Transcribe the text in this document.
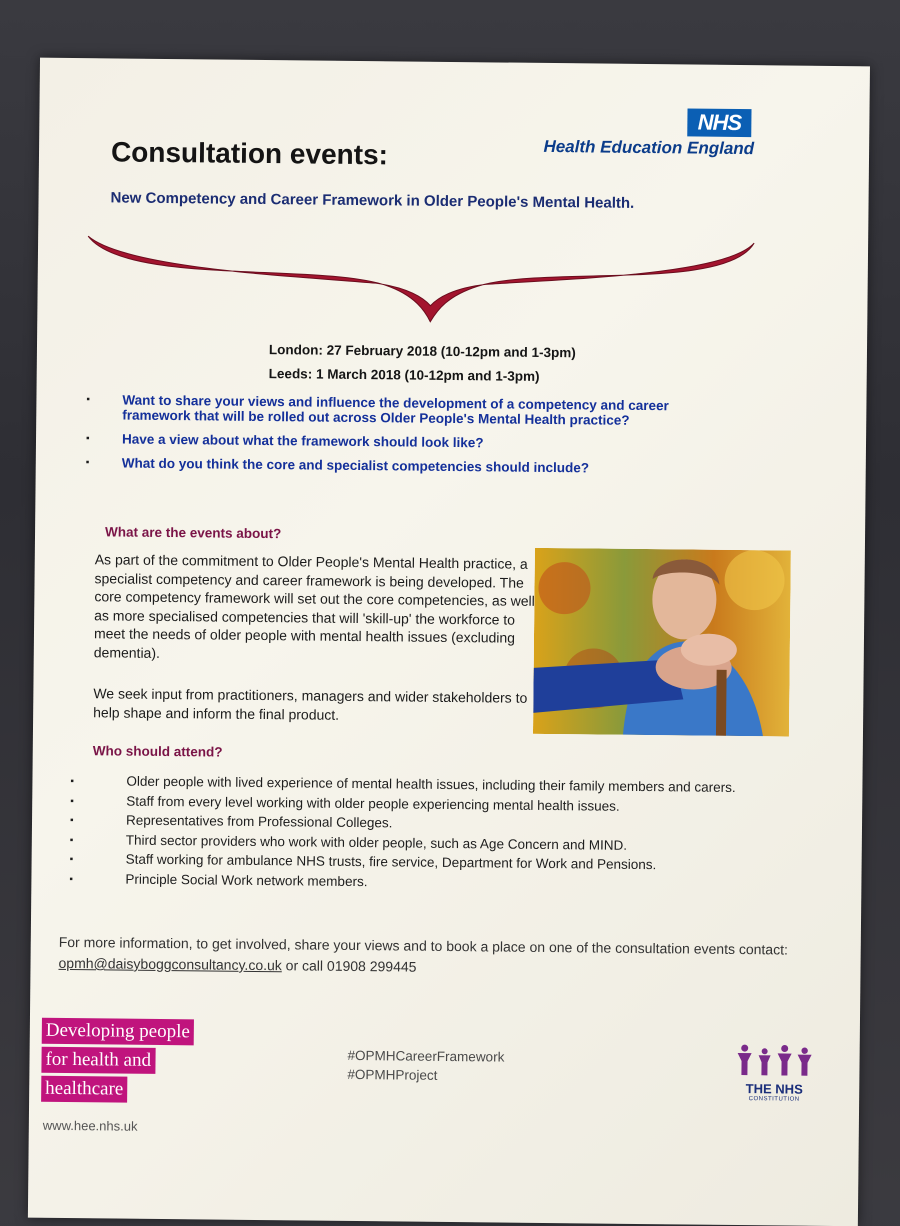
NHS
Health Education England
Consultation events:
New Competency and Career Framework in Older People's Mental Health.
London: 27 February 2018 (10-12pm and 1-3pm)
Leeds: 1 March 2018 (10-12pm and 1-3pm)
▪ Want to share your views and influence the development of a competency and career framework that will be rolled out across Older People's Mental Health practice?
▪ Have a view about what the framework should look like?
▪ What do you think the core and specialist competencies should include?
What are the events about?
As part of the commitment to Older People's Mental Health practice, a specialist competency and career framework is being developed. The core competency framework will set out the core competencies, as well as more specialised competencies that will 'skill-up' the workforce to meet the needs of older people with mental health issues (excluding dementia).
We seek input from practitioners, managers and wider stakeholders to help shape and inform the final product.
Who should attend?
▪ Older people with lived experience of mental health issues, including their family members and carers.
▪ Staff from every level working with older people experiencing mental health issues.
▪ Representatives from Professional Colleges.
▪ Third sector providers who work with older people, such as Age Concern and MIND.
▪ Staff working for ambulance NHS trusts, fire service, Department for Work and Pensions.
▪ Principle Social Work network members.
For more information, to get involved, share your views and to book a place on one of the consultation events contact: opmh@daisyboggconsultancy.co.uk or call 01908 299445
Developing people
for health and
healthcare
www.hee.nhs.uk
#OPMHCareerFramework
#OPMHProject
THE NHS
CONSTITUTION
